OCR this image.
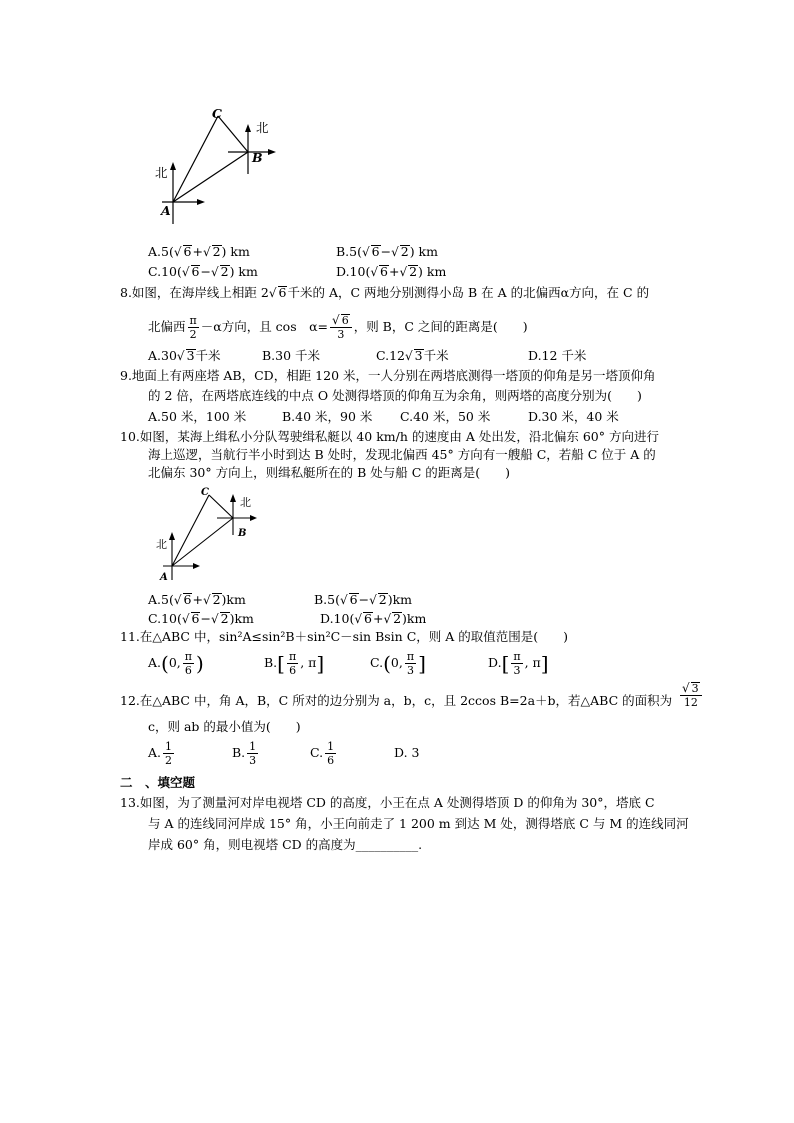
C
B
A
北
北
A.5(√ 6+√ 2) km	B.5(√ 6−√ 2) km
C.10(√ 6−√ 2) km	D.10(√ 6+√ 2) km
8.如图，在海岸线上相距 2√ 6千米的 A，C 两地分别测得小岛 B 在 A 的北偏西α方向，在 C 的
北偏西 $\frac{\pi}{2} -\alpha$方向，且 cos　$\alpha= \frac{√ 6}{3}$ ，则 B，C 之间的距离是(　　)
A.30√ 3千米	B.30 千米	C.12√ 3千米	D.12 千米
9.地面上有两座塔 AB，CD，相距 120 米，一人分别在两塔底测得一塔顶的仰角是另一塔顶仰角
的 2 倍，在两塔底连线的中点 O 处测得塔顶的仰角互为余角，则两塔的高度分别为(　　)
A.50 米，100 米	B.40 米，90 米 C.40 米，50 米	D.30 米，40 米
10.如图，某海上缉私小分队驾驶缉私艇以 40 km/h 的速度由 A 处出发，沿北偏东 60° 方向进行
海上巡逻，当航行半小时到达 B 处时，发现北偏西 45° 方向有一艘船 C，若船 C 位于 A 的
北偏东 30° 方向上，则缉私艇所在的 B 处与船 C 的距离是(　　)
C
B
A
北
北
A.5(√ 6+√ 2)km	B.5(√ 6−√ 2)km
C.10(√ 6−√ 2)km	D.10(√ 6+√ 2)km
11.在△ABC 中，sin²A≤sin²B＋sin²C－sin Bsin C，则 A 的取值范围是(　　)
A.(0, $\frac{\pi}{6}$ )	$B.[ \frac{\pi}{6}$ , π]	C.(0, $\frac{\pi}{3}$ ]	$D.[ \frac{\pi}{3}$ , π]
12.在△ABC 中，角 A，B，C 所对的边分别为 a，b，c，且 2ccos B=2a＋b，若△ABC 的面积为 $\frac{√ 3}{12}$
c，则 ab 的最小值为(　　)
A. $\frac{1}{2}$	B. $\frac{1}{3}$	C. $\frac{1}{6}$	D. 3
二　、填空题
13.如图，为了测量河对岸电视塔 CD 的高度，小王在点 A 处测得塔顶 D 的仰角为 30°，塔底 C
与 A 的连线同河岸成 15° 角，小王向前走了 1 200 m 到达 M 处，测得塔底 C 与 M 的连线同河
岸成 60° 角，则电视塔 CD 的高度为__________.
